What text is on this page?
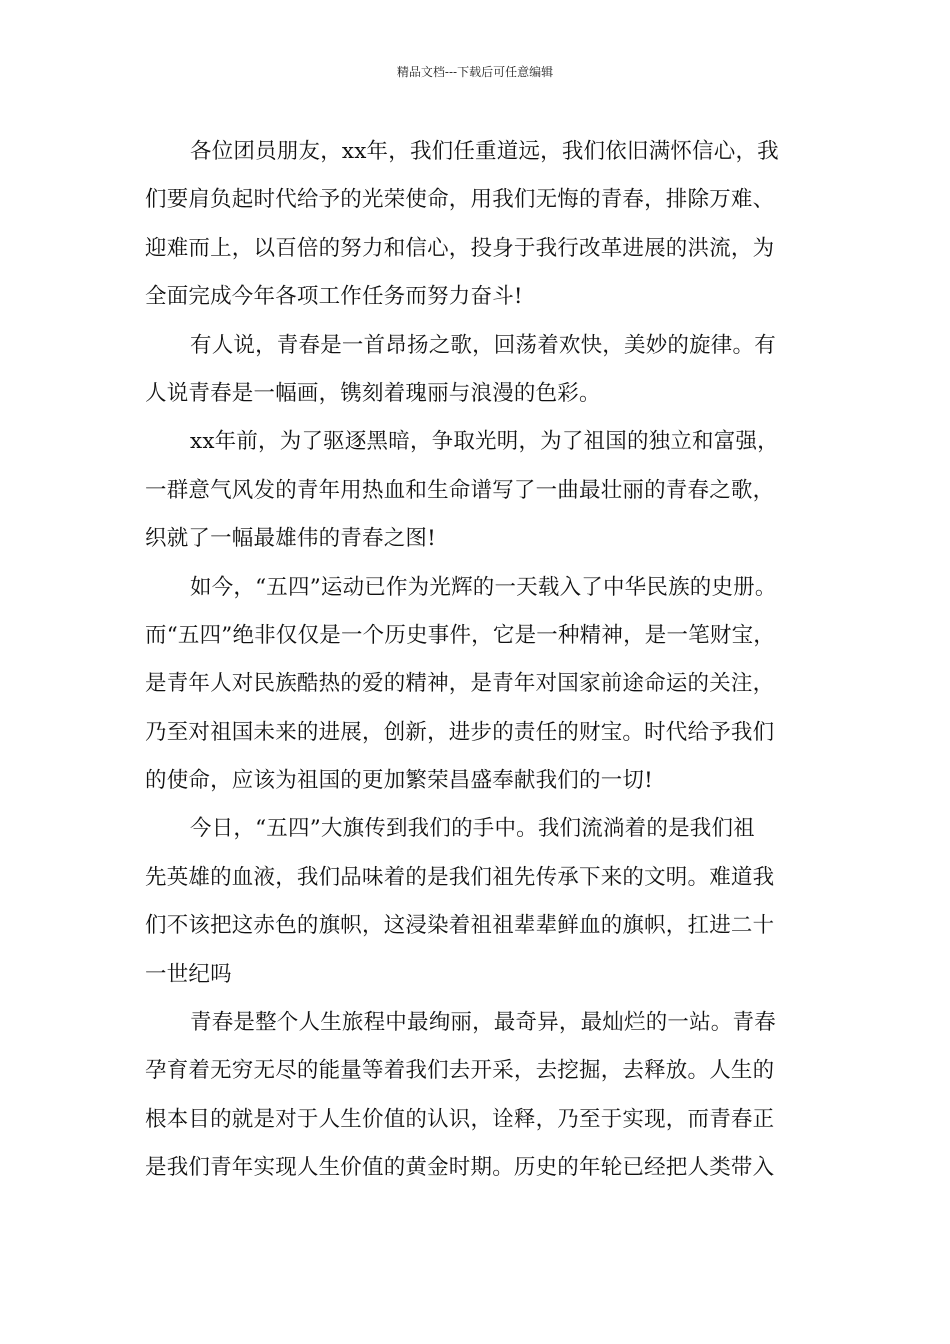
精品文档---下载后可任意编辑
各位团员朋友，xx年，我们任重道远，我们依旧满怀信心，我
们要肩负起时代给予的光荣使命，用我们无悔的青春，排除万难、
迎难而上，以百倍的努力和信心，投身于我行改革进展的洪流，为
全面完成今年各项工作任务而努力奋斗!
有人说，青春是一首昂扬之歌，回荡着欢快，美妙的旋律。有
人说青春是一幅画，镌刻着瑰丽与浪漫的色彩。
xx年前，为了驱逐黑暗，争取光明，为了祖国的独立和富强，
一群意气风发的青年用热血和生命谱写了一曲最壮丽的青春之歌，
织就了一幅最雄伟的青春之图!
如今，“五四”运动已作为光辉的一天载入了中华民族的史册。
而“五四”绝非仅仅是一个历史事件，它是一种精神，是一笔财宝，
是青年人对民族酷热的爱的精神，是青年对国家前途命运的关注，
乃至对祖国未来的进展，创新，进步的责任的财宝。时代给予我们
的使命，应该为祖国的更加繁荣昌盛奉献我们的一切!
今日，“五四”大旗传到我们的手中。我们流淌着的是我们祖
先英雄的血液，我们品味着的是我们祖先传承下来的文明。难道我
们不该把这赤色的旗帜，这浸染着祖祖辈辈鲜血的旗帜，扛进二十
一世纪吗
青春是整个人生旅程中最绚丽，最奇异，最灿烂的一站。青春
孕育着无穷无尽的能量等着我们去开采，去挖掘，去释放。人生的
根本目的就是对于人生价值的认识，诠释，乃至于实现，而青春正
是我们青年实现人生价值的黄金时期。历史的年轮已经把人类带入
